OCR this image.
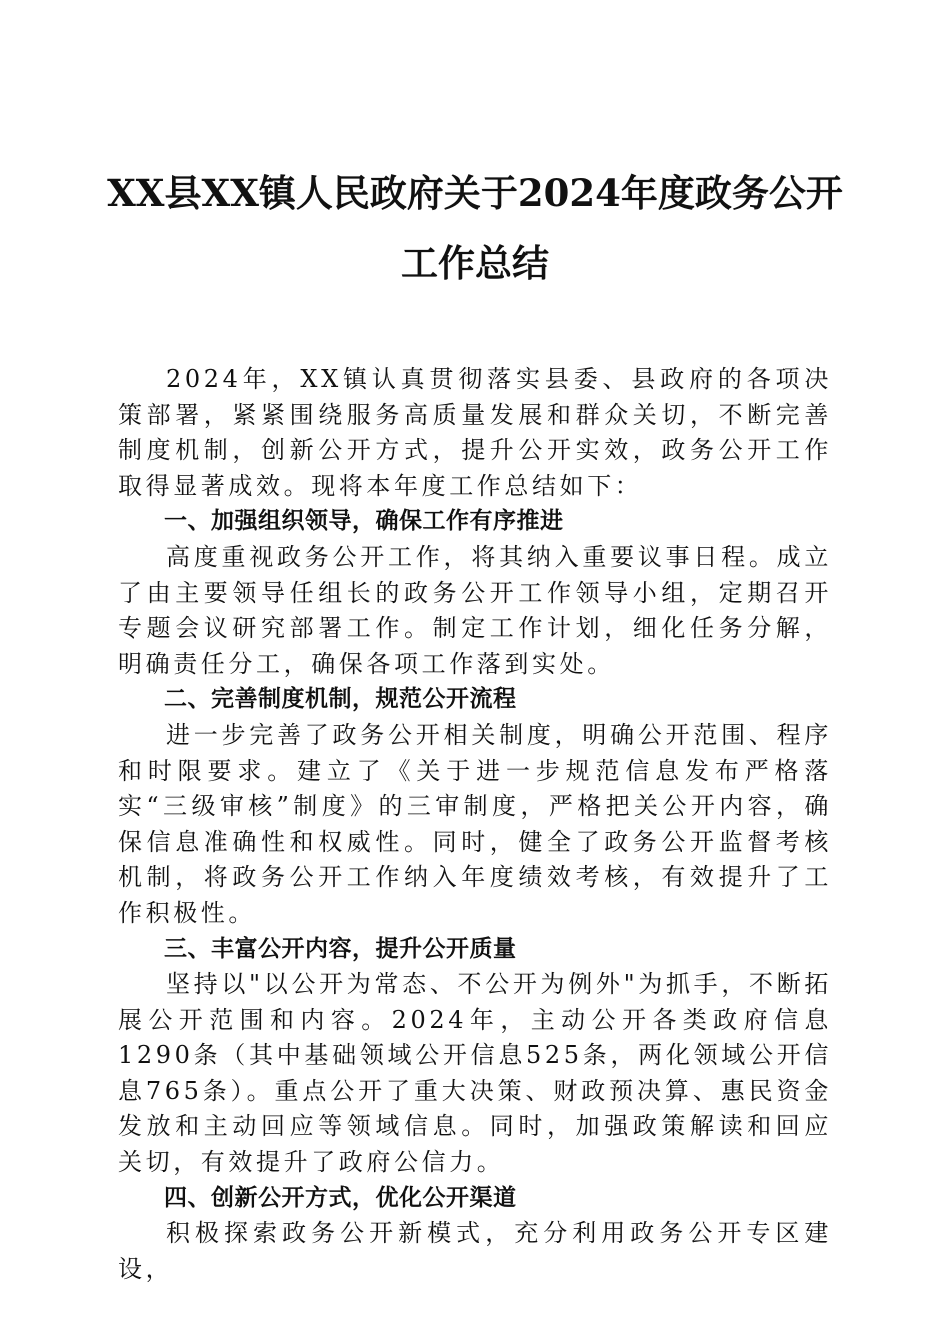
XX县XX镇人民政府关于2024年度政务公开
工作总结

2024年，XX镇认真贯彻落实县委、县政府的各项决策部署，紧紧围绕服务高质量发展和群众关切，不断完善制度机制，创新公开方式，提升公开实效，政务公开工作取得显著成效。现将本年度工作总结如下：

一、加强组织领导，确保工作有序推进

高度重视政务公开工作，将其纳入重要议事日程。成立了由主要领导任组长的政务公开工作领导小组，定期召开专题会议研究部署工作。制定工作计划，细化任务分解，明确责任分工，确保各项工作落到实处。

二、完善制度机制，规范公开流程

进一步完善了政务公开相关制度，明确公开范围、程序和时限要求。建立了《关于进一步规范信息发布严格落实“三级审核”制度》的三审制度，严格把关公开内容，确保信息准确性和权威性。同时，健全了政务公开监督考核机制，将政务公开工作纳入年度绩效考核，有效提升了工作积极性。

三、丰富公开内容，提升公开质量

坚持以"以公开为常态、不公开为例外"为抓手，不断拓展公开范围和内容。2024年，主动公开各类政府信息1290条（其中基础领域公开信息525条，两化领域公开信息765条）。重点公开了重大决策、财政预决算、惠民资金发放和主动回应等领域信息。同时，加强政策解读和回应关切，有效提升了政府公信力。

四、创新公开方式，优化公开渠道

积极探索政务公开新模式，充分利用政务公开专区建设，
